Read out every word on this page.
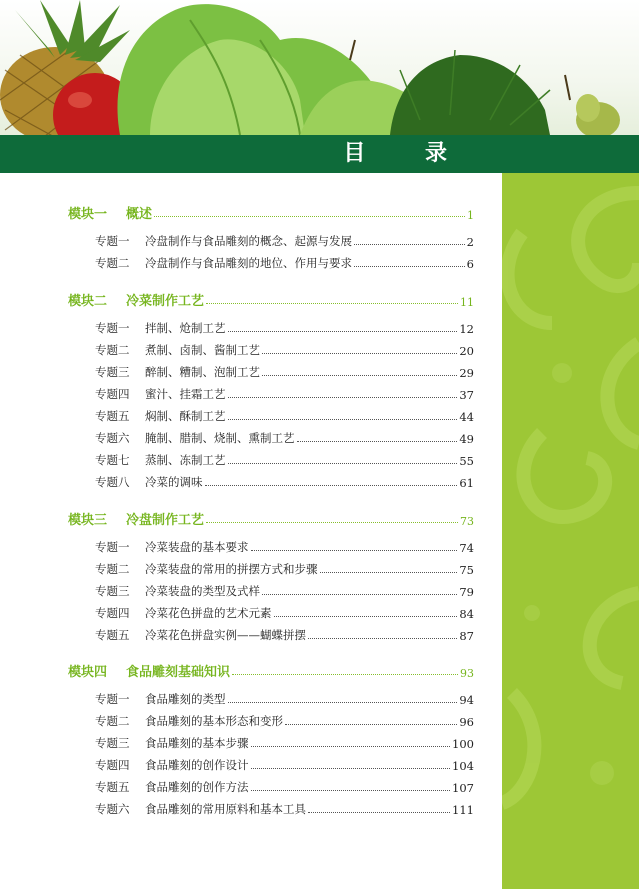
目 录
模块一	概述	1
专题一	冷盘制作与食品雕刻的概念、起源与发展	2
专题二	冷盘制作与食品雕刻的地位、作用与要求	6
模块二	冷菜制作工艺	11
专题一	拌制、炝制工艺	12
专题二	煮制、卤制、酱制工艺	20
专题三	醉制、糟制、泡制工艺	29
专题四	蜜汁、挂霜工艺	37
专题五	焖制、酥制工艺	44
专题六	腌制、腊制、烧制、熏制工艺	49
专题七	蒸制、冻制工艺	55
专题八	冷菜的调味	61
模块三	冷盘制作工艺	73
专题一	冷菜装盘的基本要求	74
专题二	冷菜装盘的常用的拼摆方式和步骤	75
专题三	冷菜装盘的类型及式样	79
专题四	冷菜花色拼盘的艺术元素	84
专题五	冷菜花色拼盘实例——蝴蝶拼摆	87
模块四	食品雕刻基础知识	93
专题一	食品雕刻的类型	94
专题二	食品雕刻的基本形态和变形	96
专题三	食品雕刻的基本步骤	100
专题四	食品雕刻的创作设计	104
专题五	食品雕刻的创作方法	107
专题六	食品雕刻的常用原料和基本工具	111
